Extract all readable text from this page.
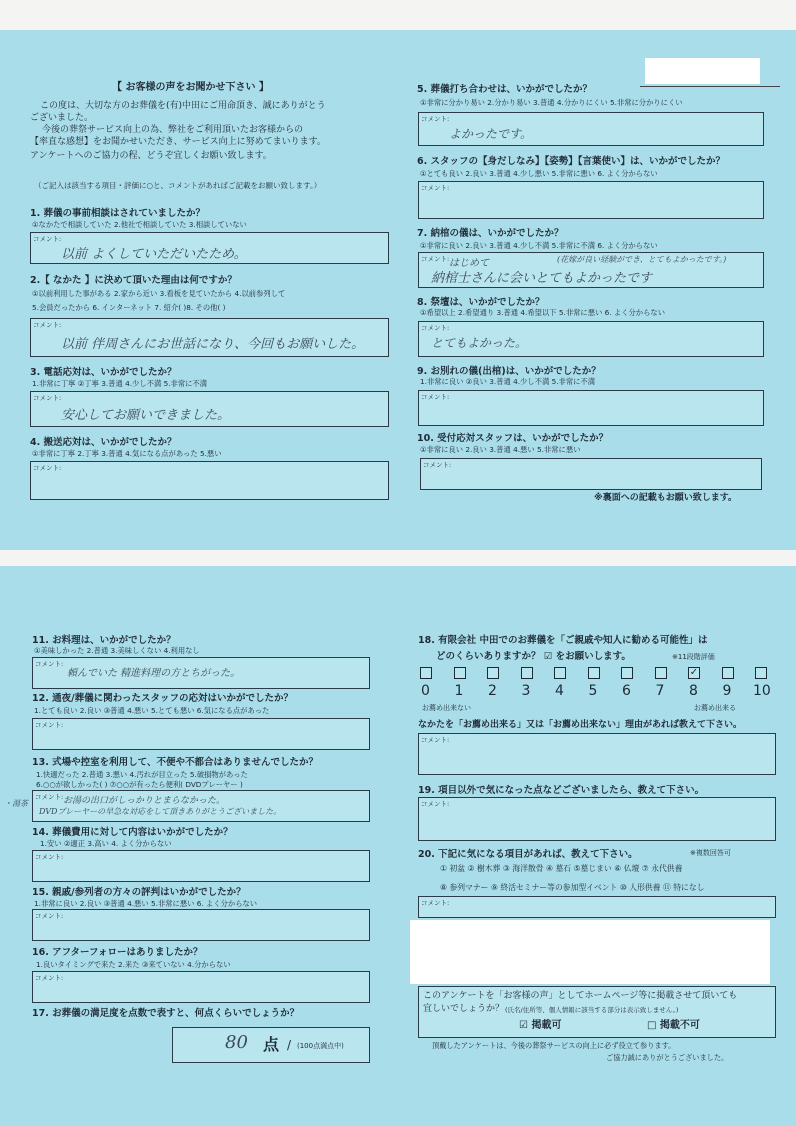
【 お客様の声をお聞かせ下さい 】
この度は、大切な方のお葬儀を(有)中田にご用命頂き、誠にありがとう
ございました。
今後の葬祭サービス向上の為、弊社をご利用頂いたお客様からの
【率直な感想】をお聞かせいただき、サービス向上に努めてまいります。
アンケートへのご協力の程、どうぞ宜しくお願い致します。
（ご記入は該当する項目・評価に○と、コメントがあればご記載をお願い致します。）
1. 葬儀の事前相談はされていましたか？
①なかたで相談していた 2.他社で相談していた 3.相談していない
コメント:
以前 よくしていただいたため。
2.【 なかた 】に決めて頂いた理由は何ですか？
①以前利用した事がある 2.家から近い 3.看板を見ていたから 4.以前参列して
5.会員だったから 6. インターネット 7. 紹介( )8. その他( )
コメント:
以前 伴周さんにお世話になり、今回もお願いした。
3. 電話応対は、いかがでしたか？
1.非常に丁寧 ②丁寧 3.普通 4.少し不満 5.非常に不満
コメント:
安心してお願いできました。
4. 搬送応対は、いかがでしたか？
①非常に丁寧 2.丁寧 3.普通 4.気になる点があった 5.悪い
コメント:
5. 葬儀打ち合わせは、いかがでしたか？
①非常に分かり易い 2.分かり易い 3.普通 4.分かりにくい 5.非常に分かりにくい
コメント:
よかったです。
6. スタッフの【身だしなみ】【姿勢】【言葉使い】は、いかがでしたか？
①とても良い 2.良い 3.普通 4.少し悪い 5.非常に悪い 6. よく分からない
コメント:
7. 納棺の儀は、いかがでしたか？
①非常に良い 2.良い 3.普通 4.少し不満 5.非常に不満 6. よく分からない
コメント: はじめて	(花嫁が良い経験ができ、とてもよかったです。)
納棺士さんに会いとてもよかったです
8. 祭壇は、いかがでしたか？
①希望以上 2.希望通り 3.普通 4.希望以下 5.非常に悪い 6. よく分からない
コメント:
とてもよかった。
9. お別れの儀(出棺)は、いかがでしたか？
1.非常に良い ②良い 3.普通 4.少し不満 5.非常に不満
コメント:
10. 受付応対スタッフは、いかがでしたか？
①非常に良い 2.良い 3.普通 4.悪い 5.非常に悪い
コメント:
※裏面への記載もお願い致します。
11. お料理は、いかがでしたか？
①美味しかった 2.普通 3.美味しくない 4.利用なし
コメント:
頼んでいた 精進料理の方とちがった。
12. 通夜/葬儀に関わったスタッフの応対はいかがでしたか？
1.とても良い 2.良い ③普通 4.悪い 5.とても悪い 6.気になる点があった
コメント:
13. 式場や控室を利用して、不便や不都合はありませんでしたか？
1.快適だった 2.普通 3.悪い 4.汚れが目立った 5.破損物があった
6.○○が欲しかった( ) ⑦○○が有ったら便利( DVDプレーヤー )
・湯茶
コメント: お湯の出口がしっかりとまらなかった。
DVDプレーヤーの早急な対応をして頂きありがとうございました。
14. 葬儀費用に対して内容はいかがでしたか？
1.安い ②適正 3.高い 4. よく分からない
コメント:
15. 親戚/参列者の方々の評判はいかがでしたか？
1.非常に良い 2.良い ③普通 4.悪い 5.非常に悪い 6. よく分からない
コメント:
16. アフターフォローはありましたか？
1.良いタイミングで来た 2.来た ③来ていない 4.分からない
コメント:
17. お葬儀の満足度を点数で表すと、何点くらいでしょうか？
80 点 / (100点満点中)
18. 有限会社 中田でのお葬儀を「ご親戚や知人に勧める可能性」は
どのくらいありますか？ ☑ をお願いします。	※11段階評価
0 1 2 3 4 5 6 7
✓
8 9 10
お薦め出来ない	お薦め出来る
なかたを「お薦め出来る」又は「お薦め出来ない」理由があれば教えて下さい。
コメント:
19. 項目以外で気になった点などございましたら、教えて下さい。
コメント:
20. 下記に気になる項目があれば、教えて下さい。	※複数回答可
① 初盆 ② 樹木葬 ③ 海洋散骨 ④ 墓石 ⑤墓じまい ⑥ 仏壇 ⑦ 永代供養
⑧ 参列マナー ⑨ 終活セミナー等の参加型イベント ⑩ 人形供養 ⑪ 特になし
コメント:
このアンケートを「お客様の声」としてホームページ等に掲載させて頂いても
宜しいでしょうか？ (氏名/住所等、個人情報に該当する部分は表示致しません。)
☑ 掲載可	□ 掲載不可
頂戴したアンケートは、今後の葬祭サービスの向上に必ず役立て参ります。
ご協力誠にありがとうございました。
